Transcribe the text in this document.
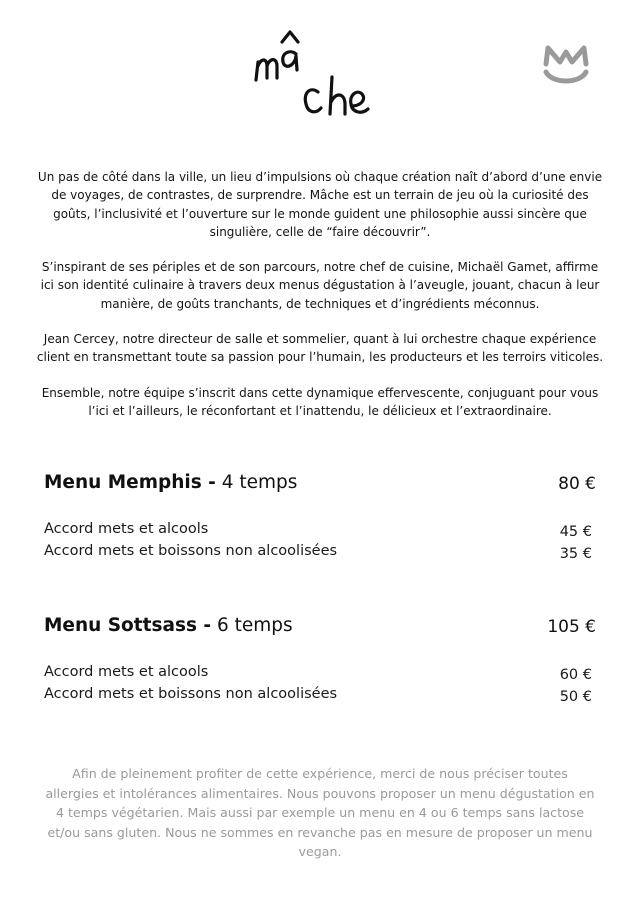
Un pas de côté dans la ville, un lieu d’impulsions où chaque création naît d’abord d’une envie de voyages, de contrastes, de surprendre. Mâche est un terrain de jeu où la curiosité des goûts, l’inclusivité et l’ouverture sur le monde guident une philosophie aussi sincère que singulière, celle de “faire découvrir”.

S’inspirant de ses périples et de son parcours, notre chef de cuisine, Michaël Gamet, affirme ici son identité culinaire à travers deux menus dégustation à l’aveugle, jouant, chacun à leur manière, de goûts tranchants, de techniques et d’ingrédients méconnus.

Jean Cercey, notre directeur de salle et sommelier, quant à lui orchestre chaque expérience client en transmettant toute sa passion pour l’humain, les producteurs et les terroirs viticoles.

Ensemble, notre équipe s’inscrit dans cette dynamique effervescente, conjuguant pour vous l’ici et l’ailleurs, le réconfortant et l’inattendu, le délicieux et l’extraordinaire.

Menu Memphis - 4 temps	80 €
Accord mets et alcools	45 €
Accord mets et boissons non alcoolisées	35 €
Menu Sottsass - 6 temps	105 €
Accord mets et alcools	60 €
Accord mets et boissons non alcoolisées	50 €
Afin de pleinement profiter de cette expérience, merci de nous préciser toutes allergies et intolérances alimentaires. Nous pouvons proposer un menu dégustation en 4 temps végétarien. Mais aussi par exemple un menu en 4 ou 6 temps sans lactose et/ou sans gluten. Nous ne sommes en revanche pas en mesure de proposer un menu vegan.
